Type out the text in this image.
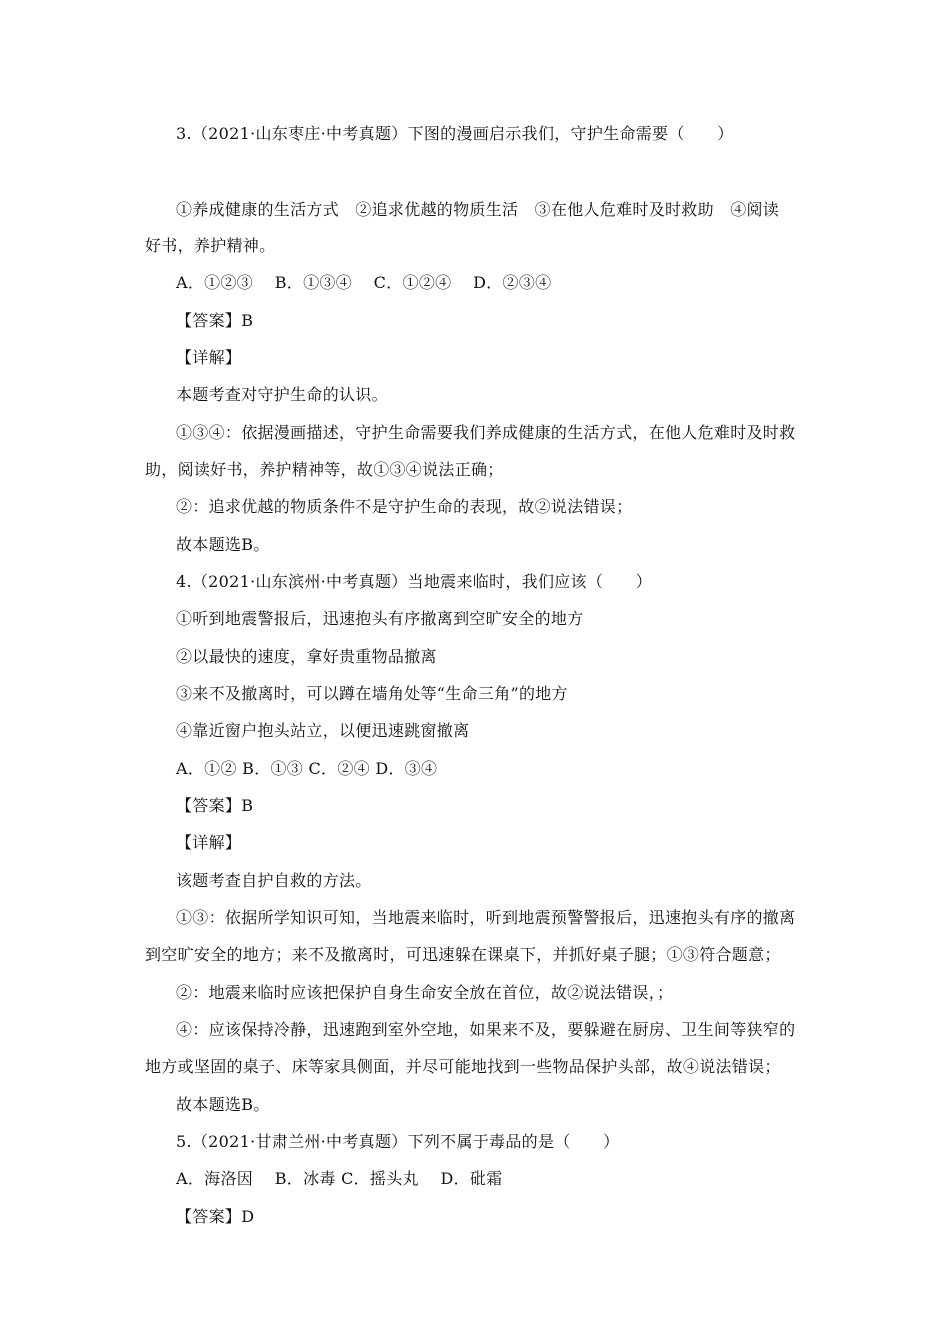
3.（2021·山东枣庄·中考真题）下图的漫画启示我们，守护生命需要（　　）
①养成健康的生活方式　②追求优越的物质生活　③在他人危难时及时救助　④阅读
好书，养护精神。
A．①②③　 B．①③④　 C．①②④　 D．②③④
【答案】B
【详解】
本题考查对守护生命的认识。
①③④：依据漫画描述，守护生命需要我们养成健康的生活方式，在他人危难时及时救
助，阅读好书，养护精神等，故①③④说法正确；
②：追求优越的物质条件不是守护生命的表现，故②说法错误；
故本题选B。
4.（2021·山东滨州·中考真题）当地震来临时，我们应该（　　）
①听到地震警报后，迅速抱头有序撤离到空旷安全的地方
②以最快的速度，拿好贵重物品撤离
③来不及撤离时，可以蹲在墙角处等“生命三角”的地方
④靠近窗户抱头站立，以便迅速跳窗撤离
A．①② B．①③ C．②④ D．③④
【答案】B
【详解】
该题考查自护自救的方法。
①③：依据所学知识可知，当地震来临时，听到地震预警警报后，迅速抱头有序的撤离
到空旷安全的地方；来不及撤离时，可迅速躲在课桌下，并抓好桌子腿；①③符合题意；
②：地震来临时应该把保护自身生命安全放在首位，故②说法错误，；
④：应该保持冷静，迅速跑到室外空地，如果来不及，要躲避在厨房、卫生间等狭窄的
地方或坚固的桌子、床等家具侧面，并尽可能地找到一些物品保护头部，故④说法错误；
故本题选B。
5.（2021·甘肃兰州·中考真题）下列不属于毒品的是（　　）
A．海洛因　 B．冰毒 C．摇头丸　 D．砒霜
【答案】D
